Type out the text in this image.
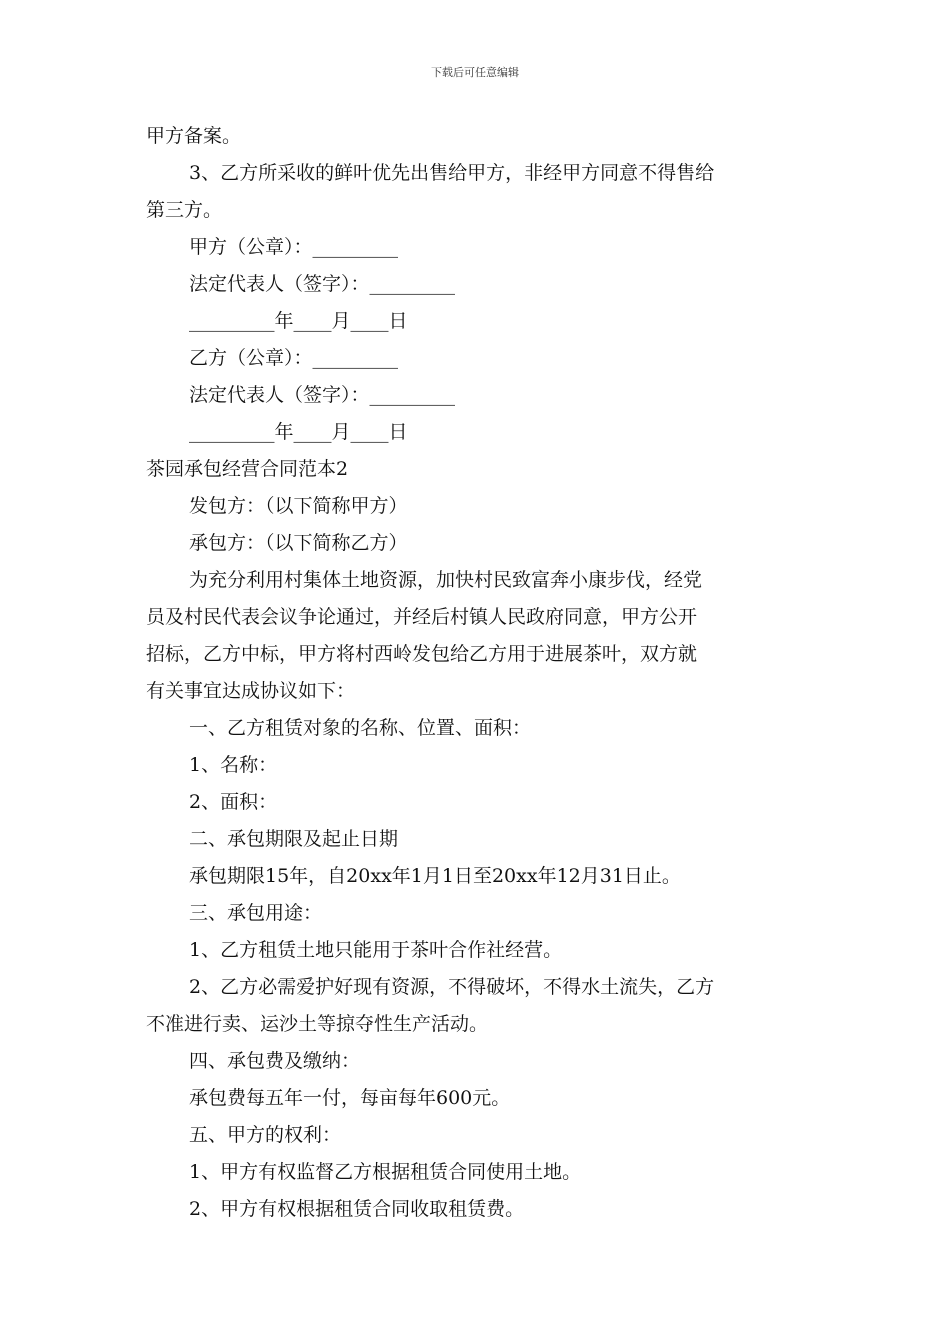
下载后可任意编辑

甲方备案。

3、乙方所采收的鲜叶优先出售给甲方，非经甲方同意不得售给

第三方。

甲方（公章）：_________

法定代表人（签字）：_________

_________年____月____日

乙方（公章）：_________

法定代表人（签字）：_________

_________年____月____日

茶园承包经营合同范本2

发包方：（以下简称甲方）

承包方：（以下简称乙方）

为充分利用村集体土地资源，加快村民致富奔小康步伐，经党

员及村民代表会议争论通过，并经后村镇人民政府同意，甲方公开

招标，乙方中标，甲方将村西岭发包给乙方用于进展茶叶，双方就

有关事宜达成协议如下：

一、乙方租赁对象的名称、位置、面积：

1、名称：

2、面积：

二、承包期限及起止日期

承包期限15年，自20xx年1月1日至20xx年12月31日止。

三、承包用途：

1、乙方租赁土地只能用于茶叶合作社经营。

2、乙方必需爱护好现有资源，不得破坏，不得水土流失，乙方

不准进行卖、运沙土等掠夺性生产活动。

四、承包费及缴纳：

承包费每五年一付，每亩每年600元。

五、甲方的权利：

1、甲方有权监督乙方根据租赁合同使用土地。

2、甲方有权根据租赁合同收取租赁费。
